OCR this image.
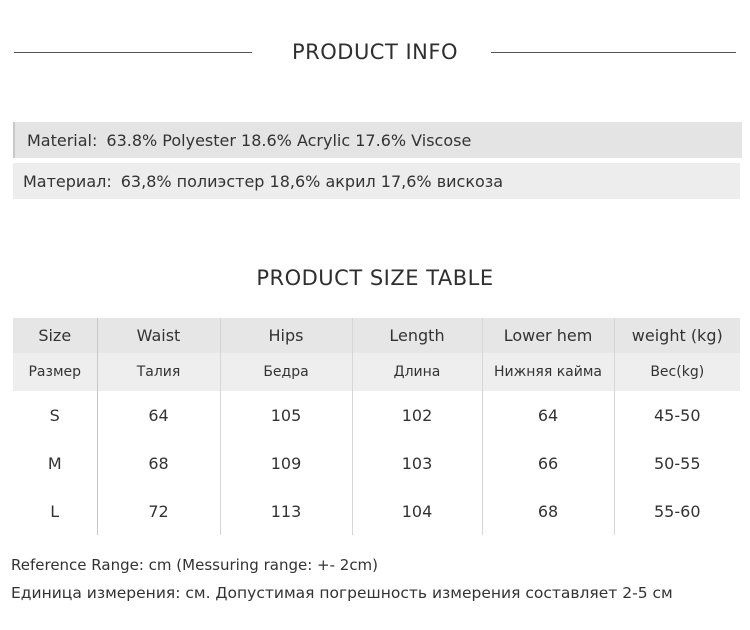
PRODUCT INFO
Material: 63.8% Polyester 18.6% Acrylic 17.6% Viscose
Материал: 63,8% полиэстер 18,6% акрил 17,6% вискоза
PRODUCT SIZE TABLE
Size	Waist	Hips	Length	Lower hem	weight (kg)
Размер	Талия	Бедра	Длина	Нижняя кайма	Вес(kg)
S	64	105	102	64	45-50
M	68	109	103	66	50-55
L	72	113	104	68	55-60
Reference Range: cm (Messuring range: +- 2cm)
Единица измерения: см. Допустимая погрешность измерения составляет 2-5 см
